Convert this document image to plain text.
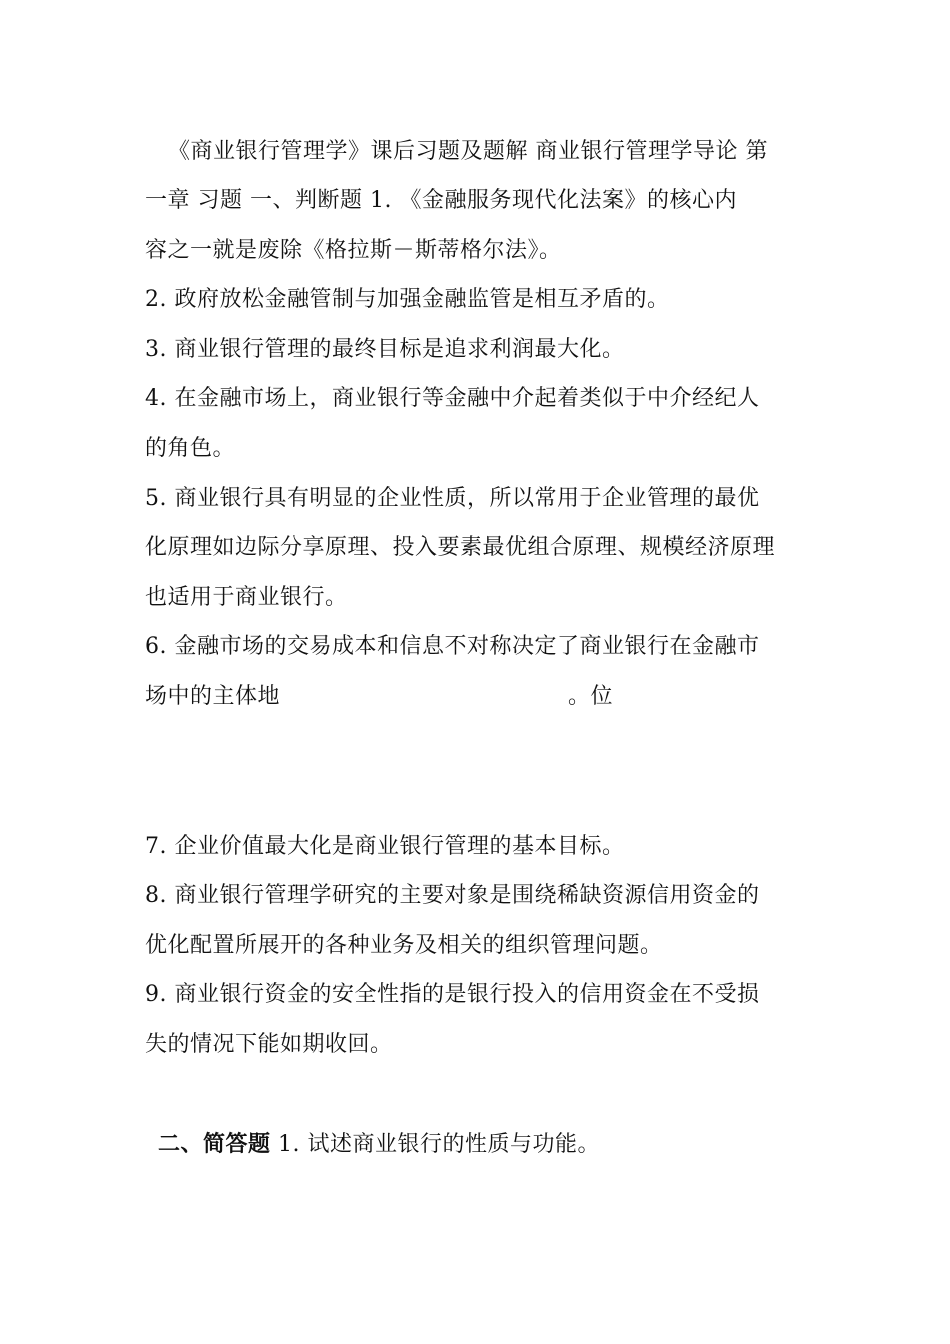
《商业银行管理学》课后习题及题解 商业银行管理学导论 第
一章 习题 一、判断题 1. 《金融服务现代化法案》的核心内
容之一就是废除《格拉斯－斯蒂格尔法》。
2. 政府放松金融管制与加强金融监管是相互矛盾的。
3. 商业银行管理的最终目标是追求利润最大化。
4. 在金融市场上，商业银行等金融中介起着类似于中介经纪人
的角色。
5. 商业银行具有明显的企业性质，所以常用于企业管理的最优
化原理如边际分享原理、投入要素最优组合原理、规模经济原理
也适用于商业银行。
6. 金融市场的交易成本和信息不对称决定了商业银行在金融市
场中的主体地	。位
7. 企业价值最大化是商业银行管理的基本目标。
8. 商业银行管理学研究的主要对象是围绕稀缺资源信用资金的
优化配置所展开的各种业务及相关的组织管理问题。
9. 商业银行资金的安全性指的是银行投入的信用资金在不受损
失的情况下能如期收回。
二、简答题 1. 试述商业银行的性质与功能。
